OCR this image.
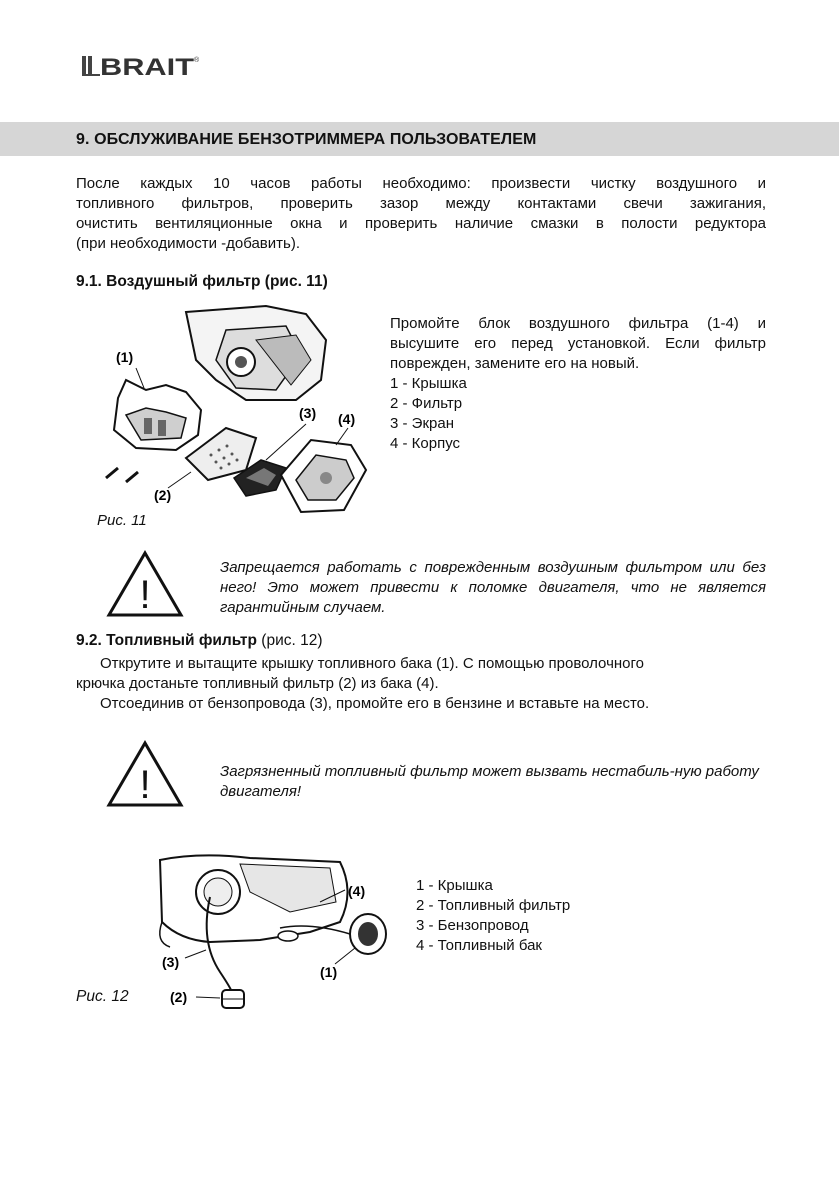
BRAIT ®
9. ОБСЛУЖИВАНИЕ БЕНЗОТРИММЕРА ПОЛЬЗОВАТЕЛЕМ
После каждых 10 часов работы необходимо: произвести чистку воздушного и
топливного фильтров, проверить зазор между контактами свечи зажигания,
очистить вентиляционные окна и проверить наличие смазки в полости редуктора
(при необходимости -добавить).
9.1. Воздушный фильтр (рис. 11)
(1)
(2)
(3) (4)
Рис. 11
Промойте блок воздушного фильтра (1-4) и высушите его перед установкой. Если фильтр поврежден, замените его на новый.
1 - Крышка
2 - Фильтр
3 - Экран
4 - Корпус
!
Запрещается работать с поврежденным воздушным фильтром или без него! Это может привести к поломке двигателя, что не является гарантийным случаем.
9.2. Топливный фильтр (рис. 12)
Открутите и вытащите крышку топливного бака (1). С помощью проволочного
крючка достаньте топливный фильтр (2) из бака (4).
Отсоединив от бензопровода (3), промойте его в бензине и вставьте на место.
!	Загрязненный топливный фильтр может вызвать нестабиль-ную работу двигателя!
(4)
(1)
(3)
(2)
Рис. 12
1 - Крышка
2 - Топливный фильтр
3 - Бензопровод
4 - Топливный бак
